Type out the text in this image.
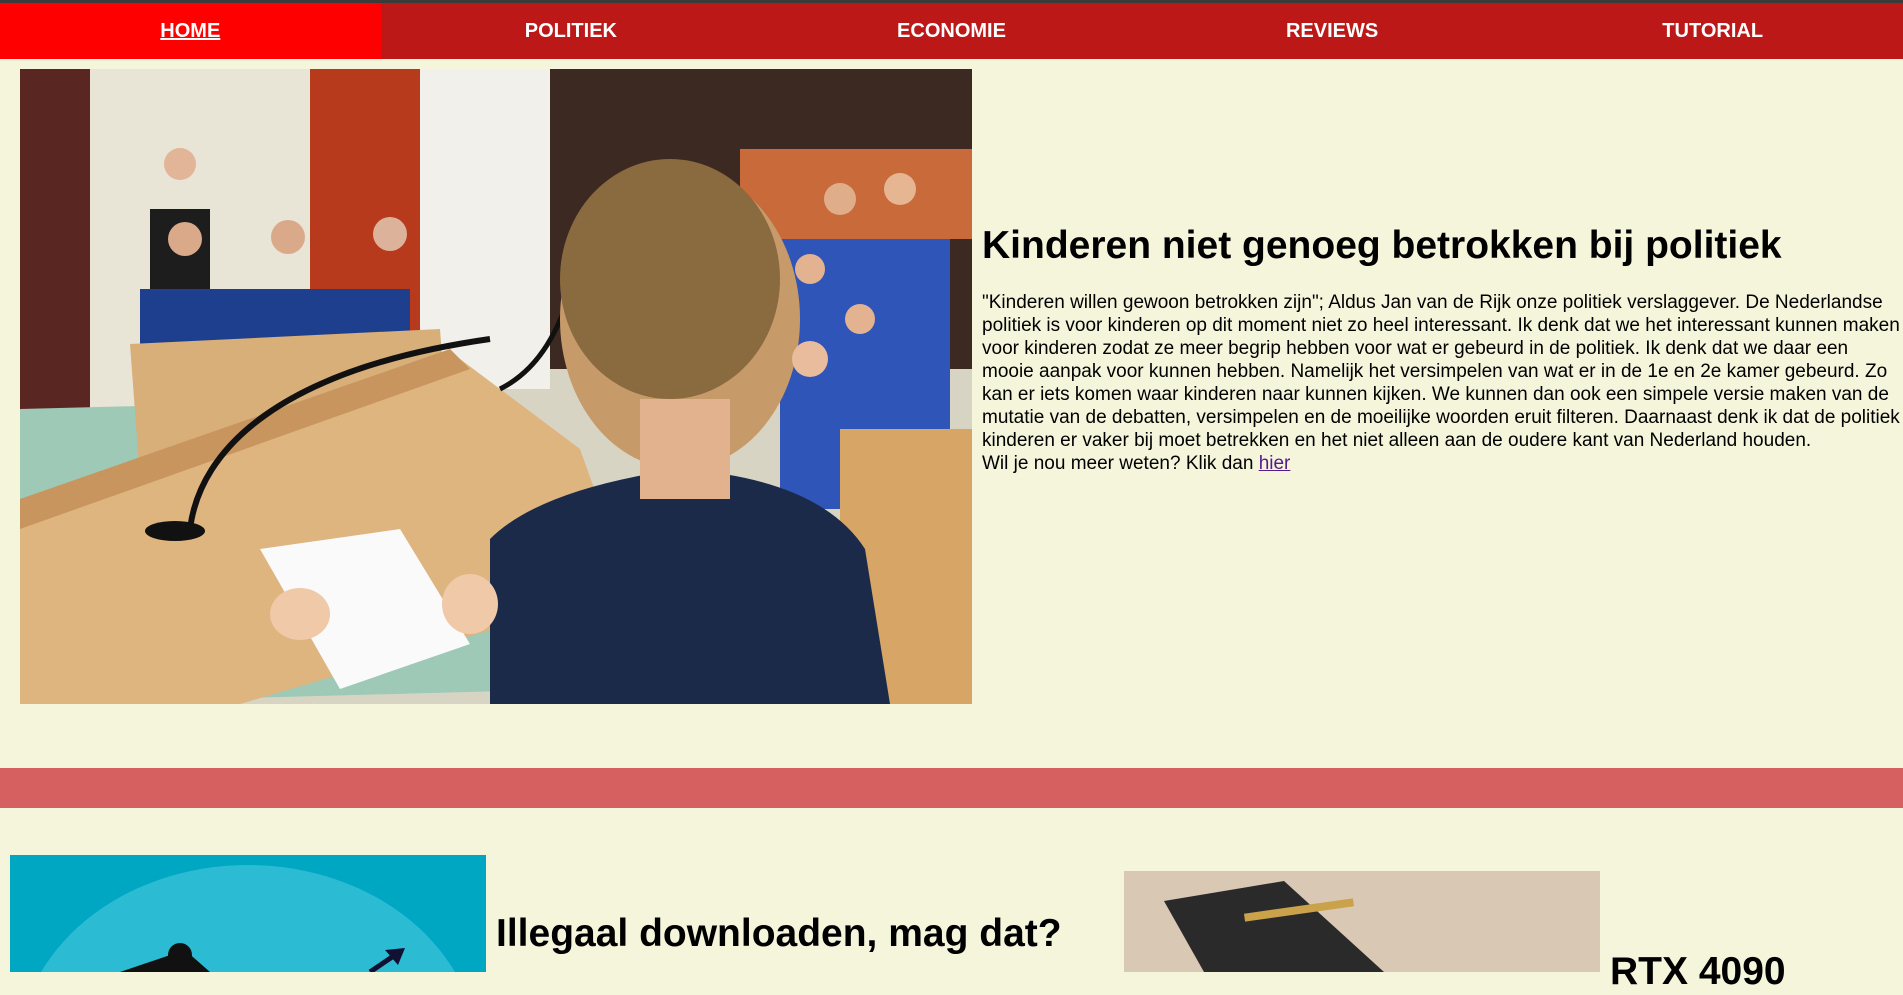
HOME	POLITIEK	ECONOMIE	REVIEWS	TUTORIAL
Kinderen niet genoeg betrokken bij politiek

"Kinderen willen gewoon betrokken zijn"; Aldus Jan van de Rijk onze politiek verslaggever. De Nederlandse politiek is voor kinderen op dit moment niet zo heel interessant. Ik denk dat we het interessant kunnen maken voor kinderen zodat ze meer begrip hebben voor wat er gebeurd in de politiek. Ik denk dat we daar een mooie aanpak voor kunnen hebben. Namelijk het versimpelen van wat er in de 1e en 2e kamer gebeurd. Zo kan er iets komen waar kinderen naar kunnen kijken. We kunnen dan ook een simpele versie maken van de mutatie van de debatten, versimpelen en de moeilijke woorden eruit filteren. Daarnaast denk ik dat de politiek kinderen er vaker bij moet betrekken en het niet alleen aan de oudere kant van Nederland houden.
Wil je nou meer weten? Klik dan hier

Illegaal downloaden, mag dat?
RTX 4090
